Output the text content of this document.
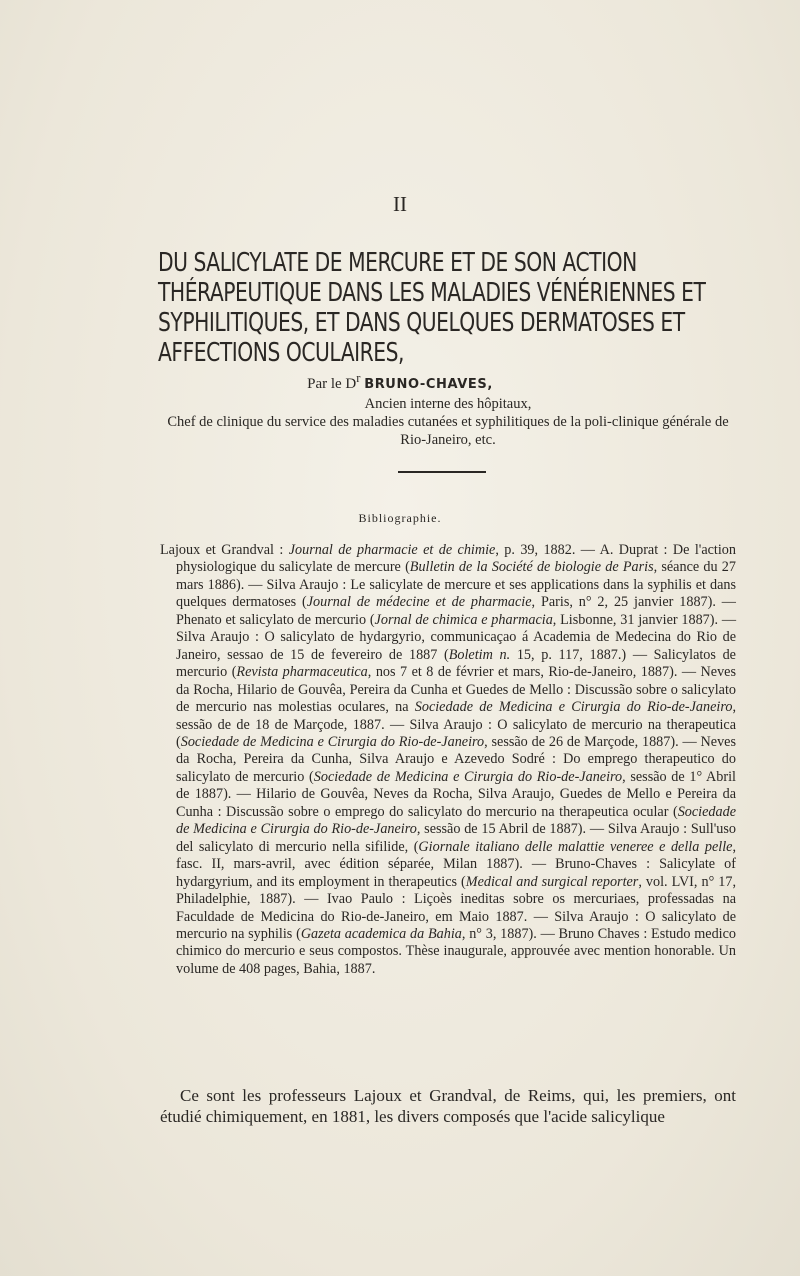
II
DU SALICYLATE DE MERCURE ET DE SON ACTION
THÉRAPEUTIQUE DANS LES MALADIES VÉNÉRIENNES ET
SYPHILITIQUES, ET DANS QUELQUES DERMATOSES ET
AFFECTIONS OCULAIRES,
Par le $D^r$ BRUNO-CHAVES,
Ancien interne des hôpitaux,
Chef de clinique du service des maladies cutanées et syphilitiques de la poli-clinique générale de Rio-Janeiro, etc.
Bibliographie.
Lajoux et Grandval : Journal de pharmacie et de chimie, p. 39, 1882. — A. Duprat : De l'action physiologique du salicylate de mercure (Bulletin de la Société de biologie de Paris, séance du 27 mars 1886). — Silva Araujo : Le salicylate de mercure et ses applications dans la syphilis et dans quelques dermatoses (Journal de médecine et de pharmacie, Paris, n° 2, 25 janvier 1887). — Phenato et salicylato de mercurio (Jornal de chimica e pharmacia, Lisbonne, 31 janvier 1887). — Silva Araujo : O salicylato de hydargyrio, communicaçao á Academia de Medecina do Rio de Janeiro, sessao de 15 de fevereiro de 1887 (Boletim n. 15, p. 117, 1887.) — Salicylatos de mercurio (Revista pharmaceutica, nos 7 et 8 de février et mars, Rio-de-Janeiro, 1887). — Neves da Rocha, Hilario de Gouvêa, Pereira da Cunha et Guedes de Mello : Discussão sobre o salicylato de mercurio nas molestias oculares, na Sociedade de Medicina e Cirurgia do Rio-de-Janeiro, sessão de de 18 de Marçode, 1887. — Silva Araujo : O salicylato de mercurio na therapeutica (Sociedade de Medicina e Cirurgia do Rio-de-Janeiro, sessão de 26 de Marçode, 1887). — Neves da Rocha, Pereira da Cunha, Silva Araujo e Azevedo Sodré : Do emprego therapeutico do salicylato de mercurio (Sociedade de Medicina e Cirurgia do Rio-de-Janeiro, sessão de 1° Abril de 1887). — Hilario de Gouvêa, Neves da Rocha, Silva Araujo, Guedes de Mello e Pereira da Cunha : Discussão sobre o emprego do salicylato do mercurio na therapeutica ocular (Sociedade de Medicina e Cirurgia do Rio-de-Janeiro, sessão de 15 Abril de 1887). — Silva Araujo : Sull'uso del salicylato di mercurio nella sifilide, (Giornale italiano delle malattie veneree e della pelle, fasc. II, mars-avril, avec édition séparée, Milan 1887). — Bruno-Chaves : Salicylate of hydargyrium, and its employment in therapeutics (Medical and surgical reporter, vol. LVI, n° 17, Philadelphie, 1887). — Ivao Paulo : Liçoès ineditas sobre os mercuriaes, professadas na Faculdade de Medicina do Rio-de-Janeiro, em Maio 1887. — Silva Araujo : O salicylato de mercurio na syphilis (Gazeta academica da Bahia, n° 3, 1887). — Bruno Chaves : Estudo medico chimico do mercurio e seus compostos. Thèse inaugurale, approuvée avec mention honorable. Un volume de 408 pages, Bahia, 1887.
Ce sont les professeurs Lajoux et Grandval, de Reims, qui, les premiers, ont étudié chimiquement, en 1881, les divers composés que l'acide salicylique
